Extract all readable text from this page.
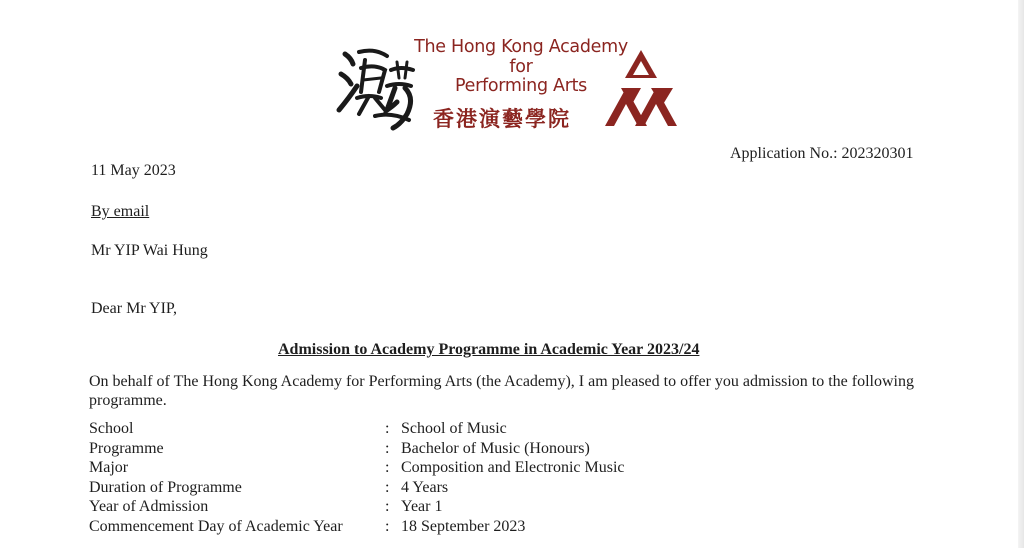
The Hong Kong Academy
for
Performing Arts
香港演藝學院
Application No.: 202320301
11 May 2023
By email
Mr YIP Wai Hung
Dear Mr YIP,
Admission to Academy Programme in Academic Year 2023/24
On behalf of The Hong Kong Academy for Performing Arts (the Academy), I am pleased to offer you admission to the following programme.
School	: School of Music
Programme	: Bachelor of Music (Honours)
Major	: Composition and Electronic Music
Duration of Programme	: 4 Years
Year of Admission	: Year 1
Commencement Day of Academic Year	: 18 September 2023
